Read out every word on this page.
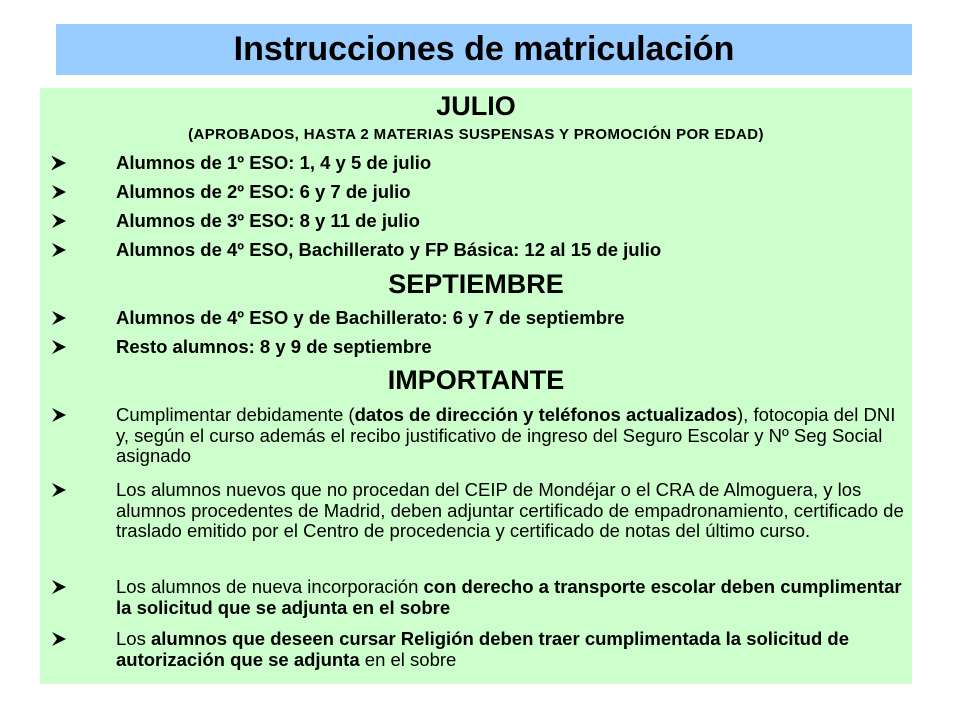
Instrucciones de matriculación
JULIO
(APROBADOS, HASTA 2 MATERIAS SUSPENSAS Y PROMOCIÓN POR EDAD)
Alumnos de 1º ESO: 1, 4 y 5 de julio
Alumnos de 2º ESO: 6 y 7 de julio
Alumnos de 3º ESO: 8 y 11 de julio
Alumnos de 4º ESO, Bachillerato y FP Básica: 12 al 15 de julio
SEPTIEMBRE
Alumnos de 4º ESO y de Bachillerato: 6 y 7 de septiembre
Resto alumnos: 8 y 9 de septiembre
IMPORTANTE
Cumplimentar debidamente (datos de dirección y teléfonos actualizados), fotocopia del DNI y, según el curso además el recibo justificativo de ingreso del Seguro Escolar y Nº Seg Social asignado
Los alumnos nuevos que no procedan del CEIP de Mondéjar o el CRA de Almoguera, y los alumnos procedentes de Madrid, deben adjuntar certificado de empadronamiento, certificado de traslado emitido por el Centro de procedencia y certificado de notas del último curso.
Los alumnos de nueva incorporación con derecho a transporte escolar deben cumplimentar la solicitud que se adjunta en el sobre
Los alumnos que deseen cursar Religión deben traer cumplimentada la solicitud de autorización que se adjunta en el sobre
